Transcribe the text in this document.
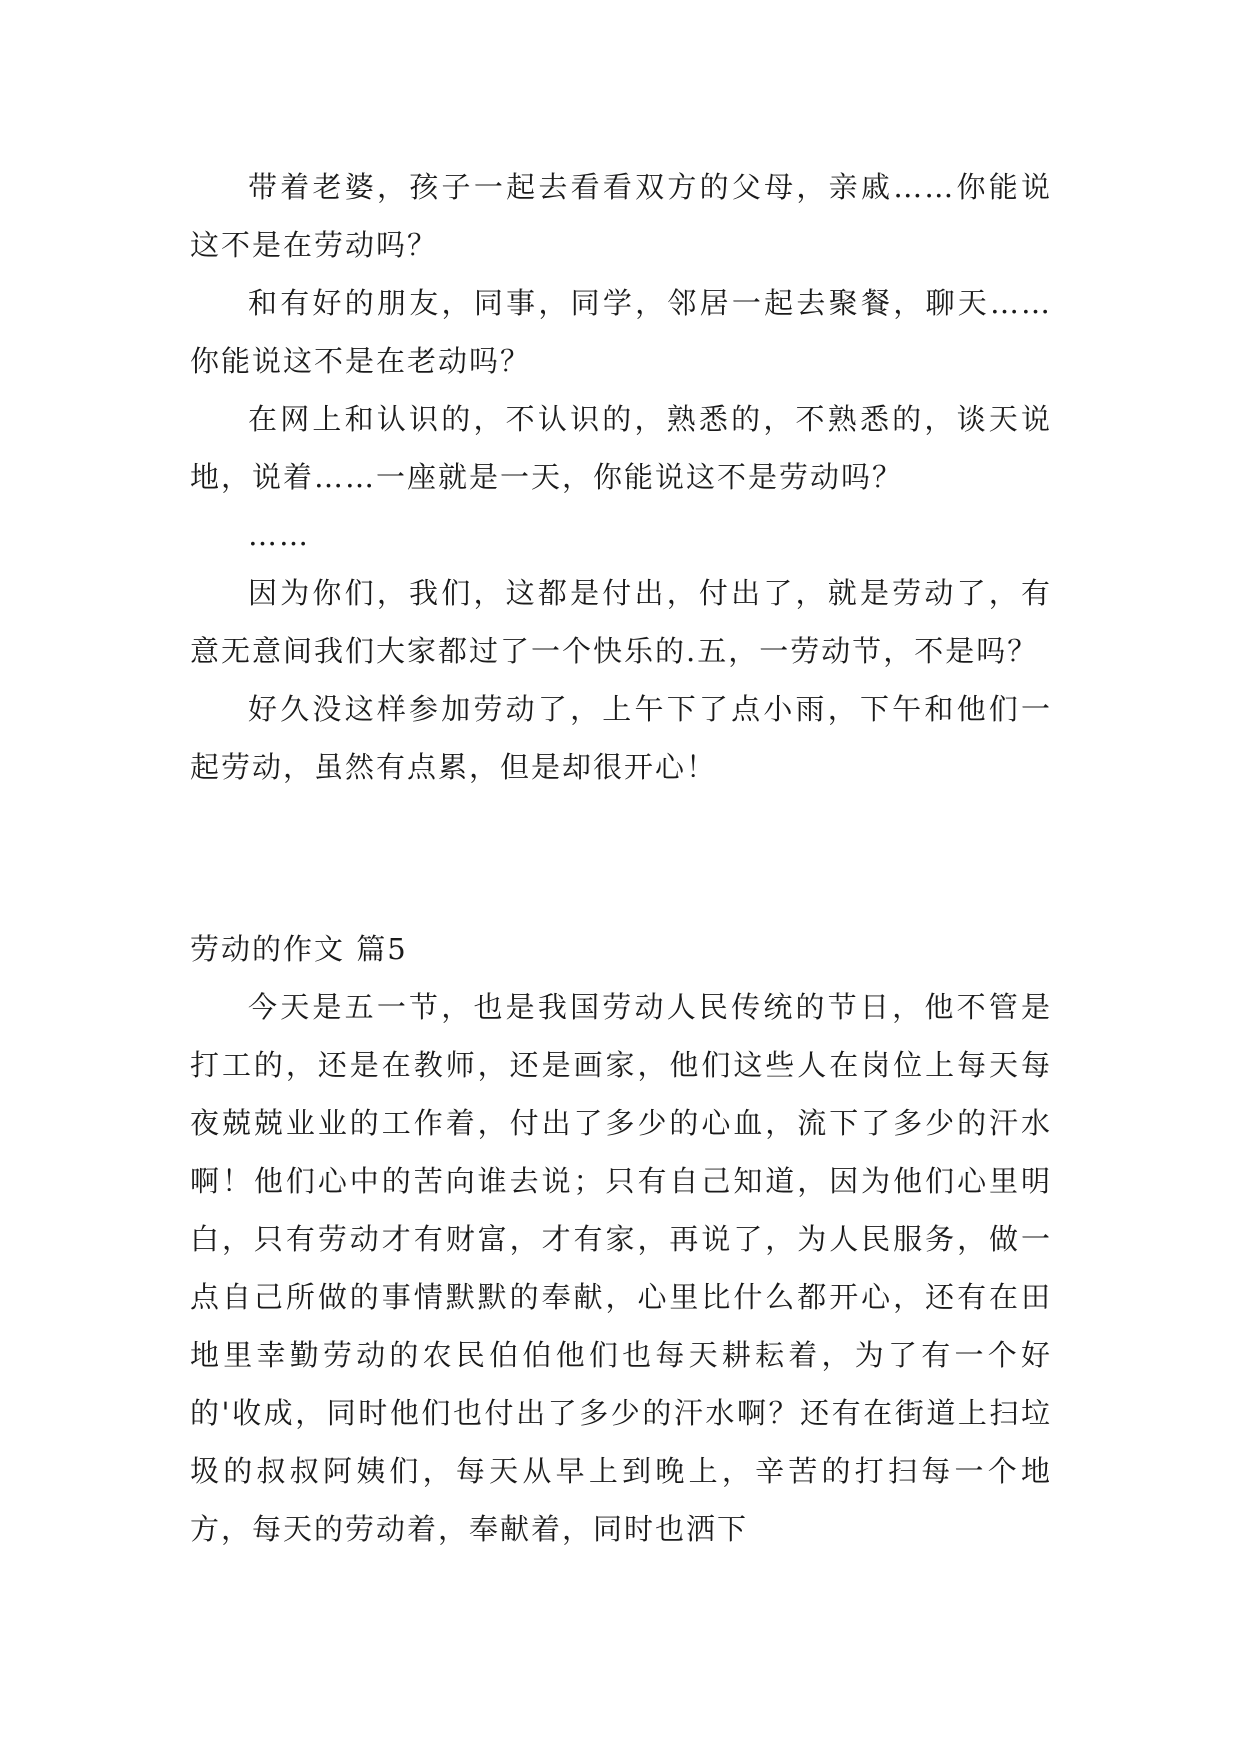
带着老婆，孩子一起去看看双方的父母，亲戚……你能说这不是在劳动吗？

和有好的朋友，同事，同学，邻居一起去聚餐，聊天……你能说这不是在老动吗？

在网上和认识的，不认识的，熟悉的，不熟悉的，谈天说地，说着……一座就是一天，你能说这不是劳动吗？

……

因为你们，我们，这都是付出，付出了，就是劳动了，有意无意间我们大家都过了一个快乐的.五，一劳动节，不是吗？

好久没这样参加劳动了，上午下了点小雨，下午和他们一起劳动，虽然有点累，但是却很开心！

劳动的作文 篇5

今天是五一节，也是我国劳动人民传统的节日，他不管是打工的，还是在教师，还是画家，他们这些人在岗位上每天每夜兢兢业业的工作着，付出了多少的心血，流下了多少的汗水啊！他们心中的苦向谁去说；只有自己知道，因为他们心里明白，只有劳动才有财富，才有家，再说了，为人民服务，做一点自己所做的事情默默的奉献，心里比什么都开心，还有在田地里幸勤劳动的农民伯伯他们也每天耕耘着，为了有一个好的'收成，同时他们也付出了多少的汗水啊？还有在街道上扫垃圾的叔叔阿姨们，每天从早上到晚上，辛苦的打扫每一个地方，每天的劳动着，奉献着，同时也洒下
